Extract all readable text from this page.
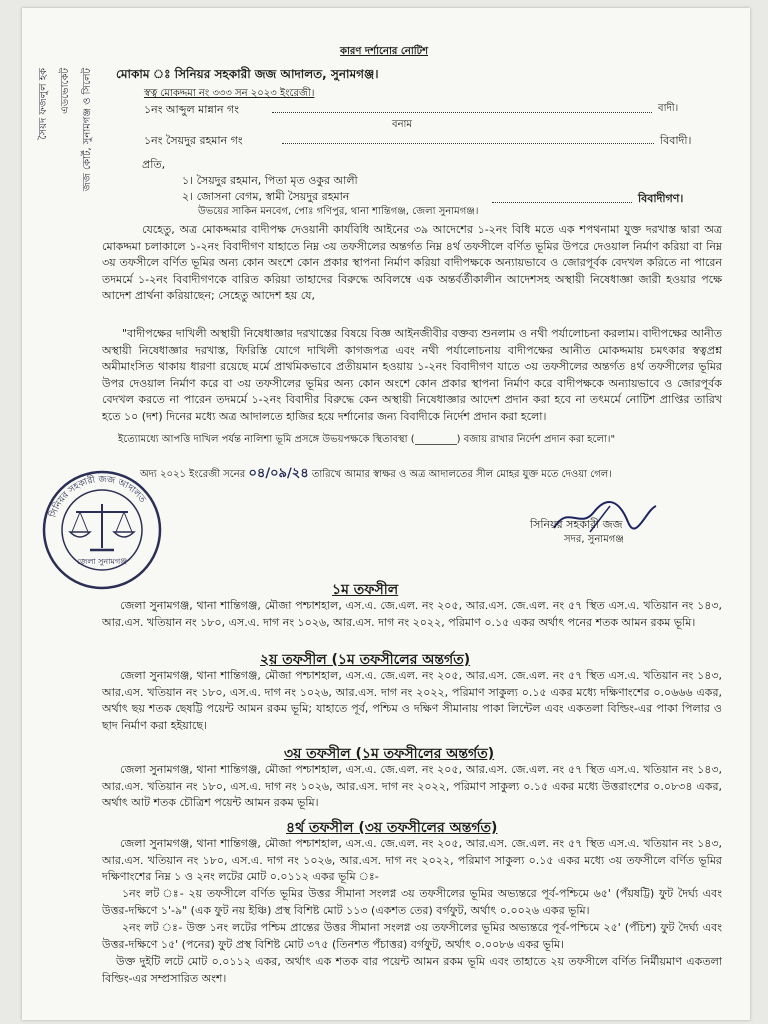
সৈয়দ ফজলুল হক	এডভোকেট	জজ কোর্ট, সুনামগঞ্জ ও সিলেট
কারণ দর্শানোর নোটিশ
মোকাম ঃ সিনিয়র সহকারী জজ আদালত, সুনামগঞ্জ।
স্বত্ব মোকদ্দমা নং ৩৩৩ সন ২০২৩ ইংরেজী।
১নং আব্দুল মান্নান গং	বাদী।
বনাম
১নং সৈয়দুর রহমান গং	বিবাদী।
প্রতি,
১। সৈয়দুর রহমান, পিতা মৃত ওকুর আলী
২। জোসনা বেগম, স্বামী সৈয়দুর রহমান
উভয়ের সাকিন মনবেগ, পোঃ গণিপুর, থানা শান্তিগঞ্জ, জেলা সুনামগঞ্জ।
বিবাদীগণ।
যেহেতু, অত্র মোকদ্দমার বাদীপক্ষ দেওয়ানী কার্যবিধি আইনের ৩৯ আদেশের ১-২নং বিধি মতে এক শপথনামা যুক্ত দরখাস্ত দ্বারা অত্র মোকদ্দমা চলাকালে ১-২নং বিবাদীগণ যাহাতে নিম্ন ৩য় তফসীলের অন্তর্গত নিম্ন ৪র্থ তফসীলে বর্ণিত ভূমির উপরে দেওয়াল নির্মাণ করিয়া বা নিম্ন ৩য় তফসীলে বর্ণিত ভূমির অন্য কোন অংশে কোন প্রকার স্থাপনা নির্মাণ করিয়া বাদীপক্ষকে অন্যায়ভাবে ও জোরপূর্বক বেদখল করিতে না পারেন তদমর্মে ১-২নং বিবাদীগণকে বারিত করিয়া তাহাদের বিরুদ্ধে অবিলম্বে এক অন্তর্বর্তীকালীন আদেশসহ অস্থায়ী নিষেধাজ্ঞা জারী হওয়ার পক্ষে আদেশ প্রার্থনা করিয়াছেন; সেহেতু আদেশ হয় যে,
"বাদীপক্ষের দাখিলী অস্থায়ী নিষেধাজ্ঞার দরখাস্তের বিষয়ে বিজ্ঞ আইনজীবীর বক্তব্য শুনলাম ও নথী পর্যালোচনা করলাম। বাদীপক্ষের আনীত অস্থায়ী নিষেধাজ্ঞার দরখাস্ত, ফিরিস্তি যোগে দাখিলী কাগজপত্র এবং নথী পর্যালোচনায় বাদীপক্ষের আনীত মোকদ্দমায় চমৎকার স্বত্বপ্রশ্ন অমীমাংসিত থাকায় ধারণা রয়েছে মর্মে প্রাথমিকভাবে প্রতীয়মান হওয়ায় ১-২নং বিবাদীগণ যাতে ৩য় তফসীলের অন্তর্গত ৪র্থ তফসীলের ভূমির উপর দেওয়াল নির্মাণ করে বা ৩য় তফসীলের ভূমির অন্য কোন অংশে কোন প্রকার স্থাপনা নির্মাণ করে বাদীপক্ষকে অন্যায়ভাবে ও জোরপূর্বক বেদখল করতে না পারেন তদমর্মে ১-২নং বিবাদীর বিরুদ্ধে কেন অস্থায়ী নিষেধাজ্ঞার আদেশ প্রদান করা হবে না তৎমর্মে নোটিশ প্রাপ্তির তারিখ হতে ১০ (দশ) দিনের মধ্যে অত্র আদালতে হাজির হয়ে দর্শানোর জন্য বিবাদীকে নির্দেশ প্রদান করা হলো।
ইত্যোমধ্যে আপত্তি দাখিল পর্যন্ত নালিশা ভূমি প্রসঙ্গে উভয়পক্ষকে স্থিতাবস্থা (	) বজায় রাখার নির্দেশ প্রদান করা হলো।"
অদ্য ২০২১ ইংরেজী সনের ০৪/০৯/২৪ তারিখে আমার স্বাক্ষর ও অত্র আদালতের সীল মোহর যুক্ত মতে দেওয়া গেল।
সিনিয়র সহকারী জজ আদালত
জেলা সুনামগঞ্জ
সিনিয়র সহকারী জজ
সদর, সুনামগঞ্জ
১ম তফসীল
জেলা সুনামগঞ্জ, থানা শান্তিগঞ্জ, মৌজা পশ্চাশহাল, এস.এ. জে.এল. নং ২০৫, আর.এস. জে.এল. নং ৫৭ স্থিত এস.এ. খতিয়ান নং ১৪৩, আর.এস. খতিয়ান নং ১৮০, এস.এ. দাগ নং ১০২৬, আর.এস. দাগ নং ২০২২, পরিমাণ ০.১৫ একর অর্থাৎ পনের শতক আমন রকম ভূমি।
২য় তফসীল (১ম তফসীলের অন্তর্গত)
জেলা সুনামগঞ্জ, থানা শান্তিগঞ্জ, মৌজা পশ্চাশহাল, এস.এ. জে.এল. নং ২০৫, আর.এস. জে.এল. নং ৫৭ স্থিত এস.এ. খতিয়ান নং ১৪৩, আর.এস. খতিয়ান নং ১৮০, এস.এ. দাগ নং ১০২৬, আর.এস. দাগ নং ২০২২, পরিমাণ সাকুল্য ০.১৫ একর মধ্যে দক্ষিণাংশের ০.০৬৬৬ একর, অর্থাৎ ছয় শতক ছেষট্টি পয়েন্ট আমন রকম ভূমি; যাহাতে পূর্ব, পশ্চিম ও দক্ষিণ সীমানায় পাকা লিন্টেল এবং একতলা বিল্ডিং-এর পাকা পিলার ও ছাদ নির্মাণ করা হইয়াছে।
৩য় তফসীল (১ম তফসীলের অন্তর্গত)
জেলা সুনামগঞ্জ, থানা শান্তিগঞ্জ, মৌজা পশ্চাশহাল, এস.এ. জে.এল. নং ২০৫, আর.এস. জে.এল. নং ৫৭ স্থিত এস.এ. খতিয়ান নং ১৪৩, আর.এস. খতিয়ান নং ১৮০, এস.এ. দাগ নং ১০২৬, আর.এস. দাগ নং ২০২২, পরিমাণ সাকুল্য ০.১৫ একর মধ্যে উত্তরাংশের ০.০৮৩৪ একর, অর্থাৎ আট শতক চৌত্রিশ পয়েন্ট আমন রকম ভূমি।
৪র্থ তফসীল (৩য় তফসীলের অন্তর্গত)
জেলা সুনামগঞ্জ, থানা শান্তিগঞ্জ, মৌজা পশ্চাশহাল, এস.এ. জে.এল. নং ২০৫, আর.এস. জে.এল. নং ৫৭ স্থিত এস.এ. খতিয়ান নং ১৪৩, আর.এস. খতিয়ান নং ১৮০, এস.এ. দাগ নং ১০২৬, আর.এস. দাগ নং ২০২২, পরিমাণ সাকুল্য ০.১৫ একর মধ্যে ৩য় তফসীলে বর্ণিত ভূমির দক্ষিণাংশের নিম্ন ১ ও ২নং লটের মোট ০.০১১২ একর ভূমি ঃ-
১নং লট ঃ- ২য় তফসীলে বর্ণিত ভূমির উত্তর সীমানা সংলগ্ন ৩য় তফসীলের ভূমির অভ্যন্তরে পূর্ব-পশ্চিমে ৬৫' (পঁয়ষট্টি) ফুট দৈর্ঘ্য এবং উত্তর-দক্ষিণে ১'-৯" (এক ফুট নয় ইঞ্চি) প্রস্থ বিশিষ্ট মোট ১১৩ (একশত তের) বর্গফুট, অর্থাৎ ০.০০২৬ একর ভূমি।
২নং লট ঃ- উক্ত ১নং লটের পশ্চিম প্রান্তের উত্তর সীমানা সংলগ্ন ৩য় তফসীলের ভূমির অভ্যন্তরে পূর্ব-পশ্চিমে ২৫' (পঁচিশ) ফুট দৈর্ঘ্য এবং উত্তর-দক্ষিণে ১৫' (পনের) ফুট প্রস্থ বিশিষ্ট মোট ৩৭৫ (তিনশত পঁচাত্তর) বর্গফুট, অর্থাৎ ০.০০৮৬ একর ভূমি।
উক্ত দুইটি লটে মোট ০.০১১২ একর, অর্থাৎ এক শতক বার পয়েন্ট আমন রকম ভূমি এবং তাহাতে ২য় তফসীলে বর্ণিত নির্মীয়মাণ একতলা বিল্ডিং-এর সম্প্রসারিত অংশ।
